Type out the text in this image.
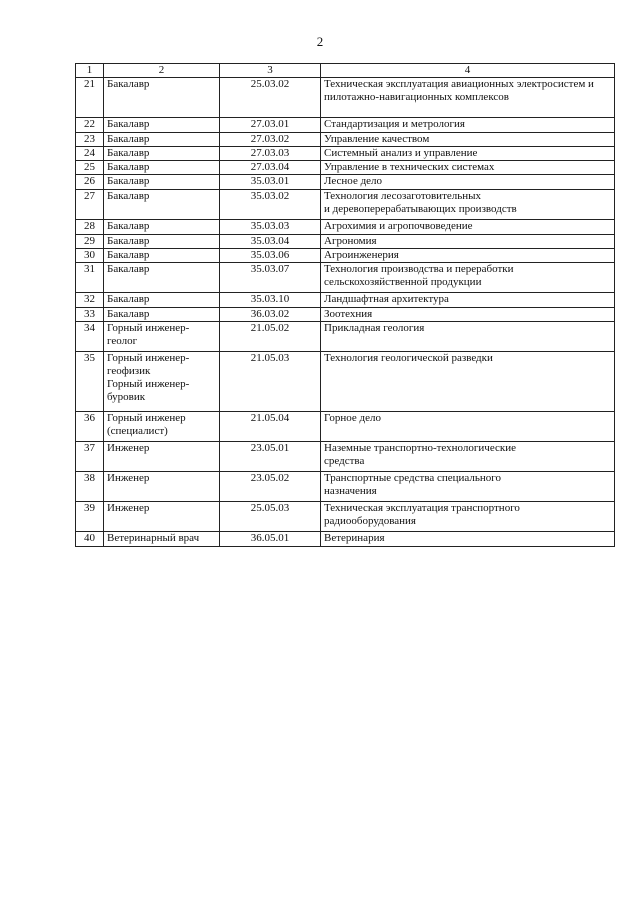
2
1	2	3	4
21	Бакалавр	25.03.02	Техническая эксплуатация авиационных электросистем и пилотажно-навигационных комплексов
22	Бакалавр	27.03.01	Стандартизация и метрология
23	Бакалавр	27.03.02	Управление качеством
24	Бакалавр	27.03.03	Системный анализ и управление
25	Бакалавр	27.03.04	Управление в технических системах
26	Бакалавр	35.03.01	Лесное дело
27	Бакалавр	35.03.02	Технология лесозаготовительных
и деревоперерабатывающих производств
28	Бакалавр	35.03.03	Агрохимия и агропочвоведение
29	Бакалавр	35.03.04	Агрономия
30	Бакалавр	35.03.06	Агроинженерия
31	Бакалавр	35.03.07	Технология производства и переработки
сельскохозяйственной продукции
32	Бакалавр	35.03.10	Ландшафтная архитектура
33	Бакалавр	36.03.02	Зоотехния
34	Горный инженер-
геолог	21.05.02	Прикладная геология
35	Горный инженер-
геофизик
Горный инженер-
буровик	21.05.03	Технология геологической разведки
36	Горный инженер
(специалист)	21.05.04	Горное дело
37	Инженер	23.05.01	Наземные транспортно-технологические
средства
38	Инженер	23.05.02	Транспортные средства специального
назначения
39	Инженер	25.05.03	Техническая эксплуатация транспортного
радиооборудования
40	Ветеринарный врач	36.05.01	Ветеринария
